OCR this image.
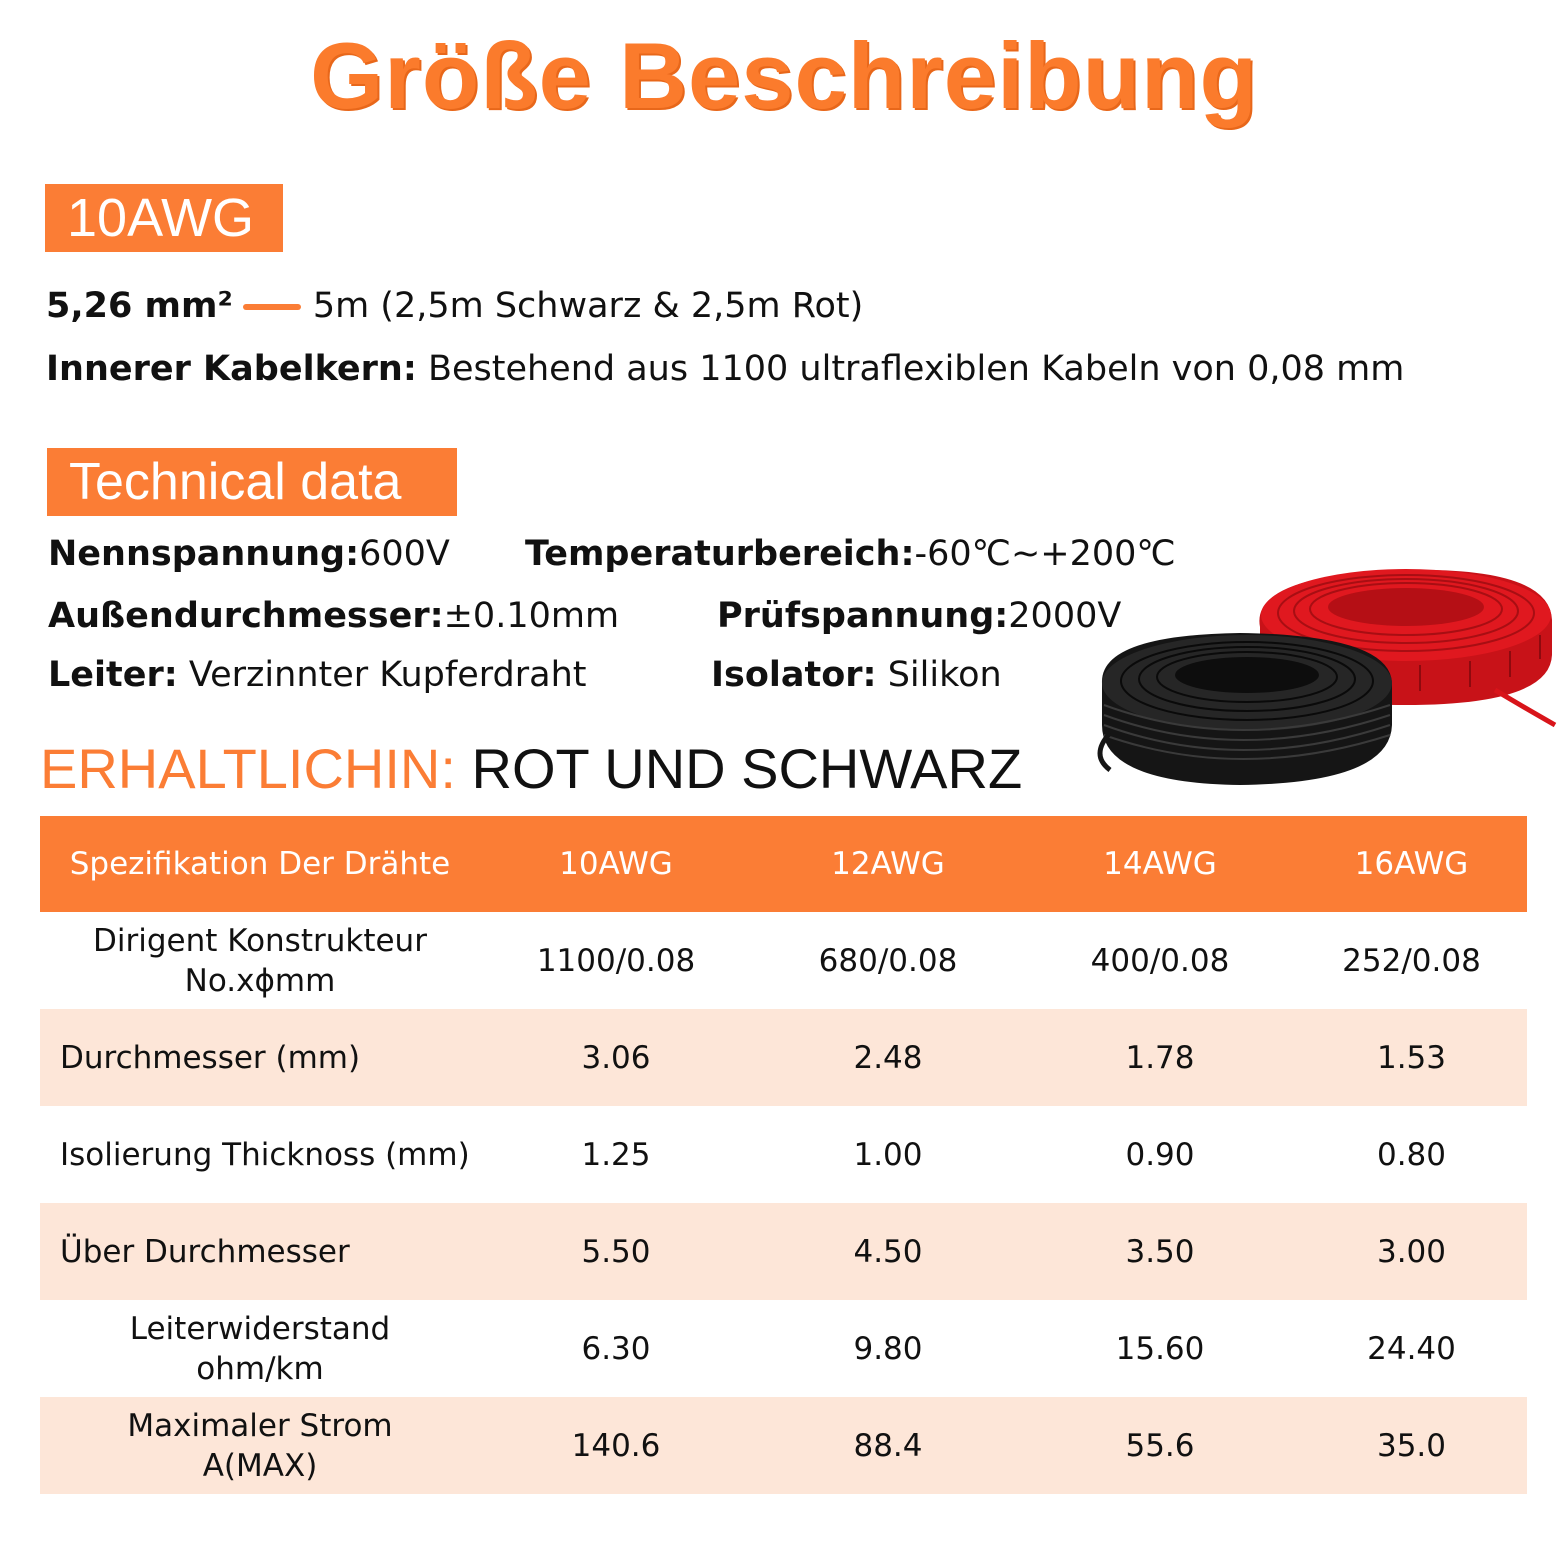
Größe Beschreibung
10AWG
5,26 mm² 5m (2,5m Schwarz & 2,5m Rot)
Innerer Kabelkern: Bestehend aus 1100 ultraflexiblen Kabeln von 0,08 mm
Technical data
Nennspannung:600V Temperaturbereich:-60℃~+200℃
Außendurchmesser:±0.10mm	Prüfspannung:2000V
Leiter: Verzinnter Kupferdraht	Isolator: Silikon
ERHALTLICHIN: ROT UND SCHWARZ
Spezifikation Der Drähte	10AWG	12AWG	14AWG	16AWG

Dirigent Konstrukteur
No.xϕmm	1100/0.08	680/0.08	400/0.08	252/0.08
Durchmesser (mm)	3.06	2.48	1.78	1.53
Isolierung Thicknoss (mm)	1.25	1.00	0.90	0.80
Über Durchmesser	5.50	4.50	3.50	3.00

Leiterwiderstand
ohm/km	6.30	9.80	15.60	24.40

Maximaler Strom
A(MAX)	140.6	88.4	55.6	35.0
